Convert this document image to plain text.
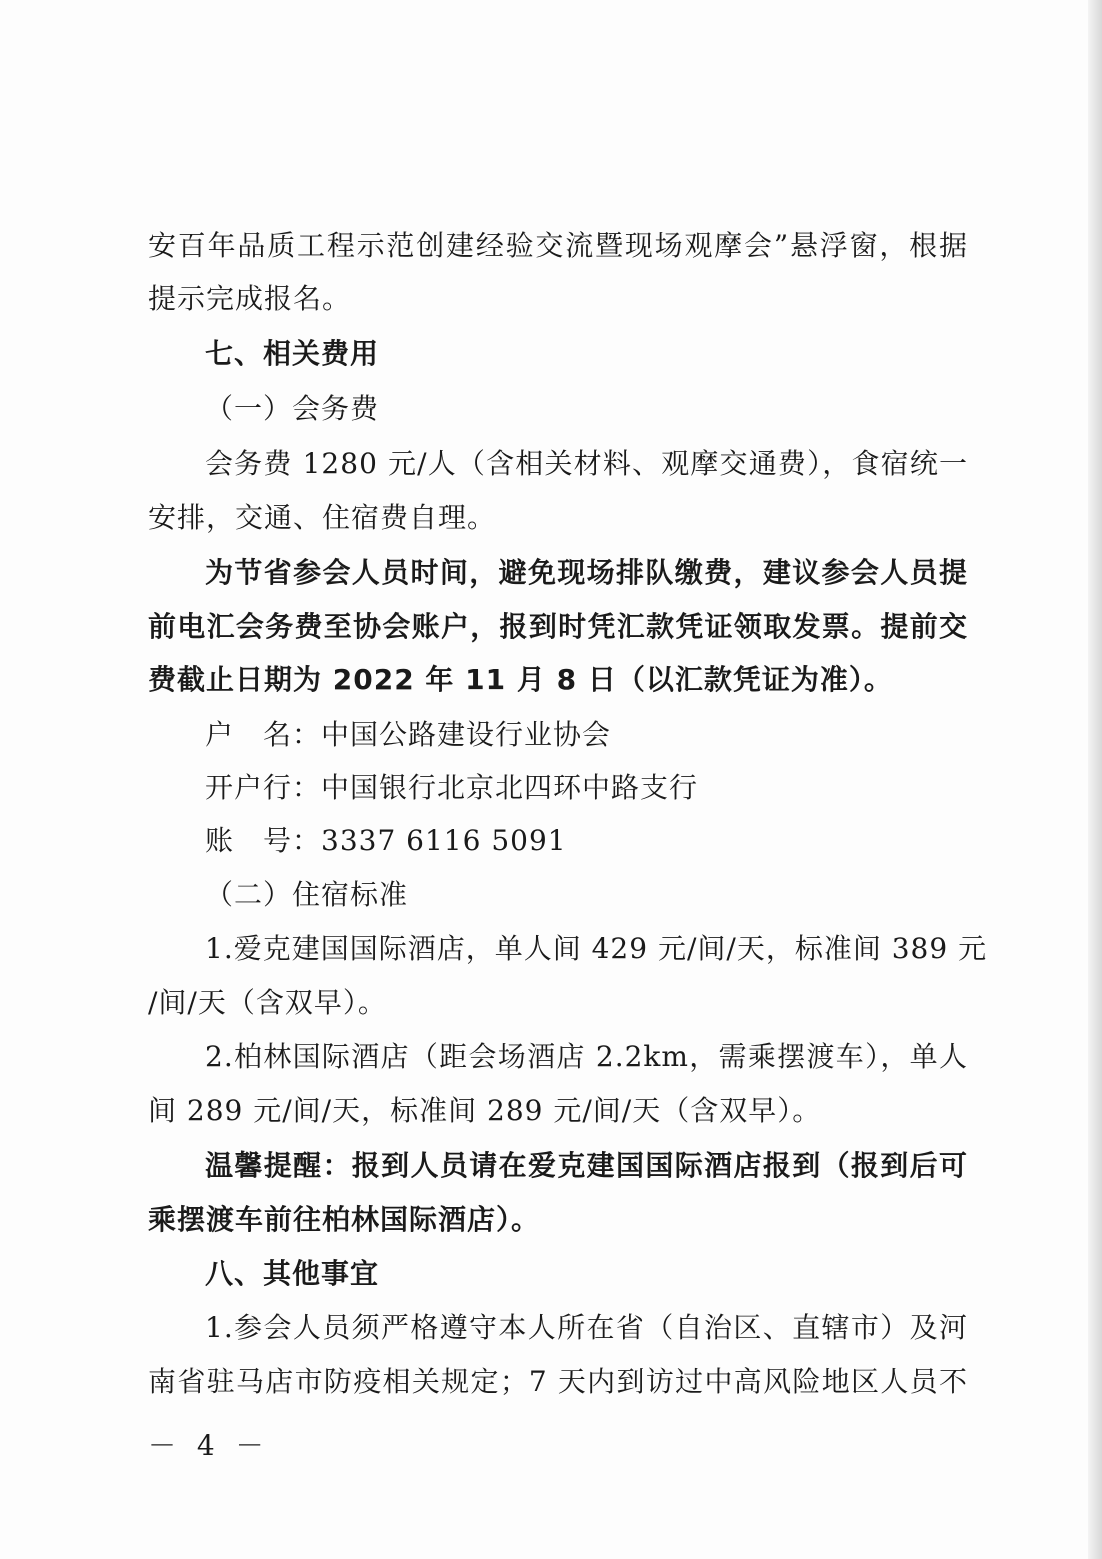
安百年品质工程示范创建经验交流暨现场观摩会”悬浮窗，根据
提示完成报名。
七、相关费用
（一）会务费
会务费 1280 元/人（含相关材料、观摩交通费），食宿统一
安排，交通、住宿费自理。
为节省参会人员时间，避免现场排队缴费，建议参会人员提
前电汇会务费至协会账户，报到时凭汇款凭证领取发票。提前交
费截止日期为 2022 年 11 月 8 日（以汇款凭证为准）。
户　名：中国公路建设行业协会
开户行：中国银行北京北四环中路支行
账　号：3337 6116 5091
（二）住宿标准
1.爱克建国国际酒店，单人间 429 元/间/天，标准间 389 元
/间/天（含双早）。
2.柏林国际酒店（距会场酒店 2.2km，需乘摆渡车），单人
间 289 元/间/天，标准间 289 元/间/天（含双早）。
温馨提醒：报到人员请在爱克建国国际酒店报到（报到后可
乘摆渡车前往柏林国际酒店）。
八、其他事宜
1.参会人员须严格遵守本人所在省（自治区、直辖市）及河
南省驻马店市防疫相关规定；7 天内到访过中高风险地区人员不
－ 4 －
